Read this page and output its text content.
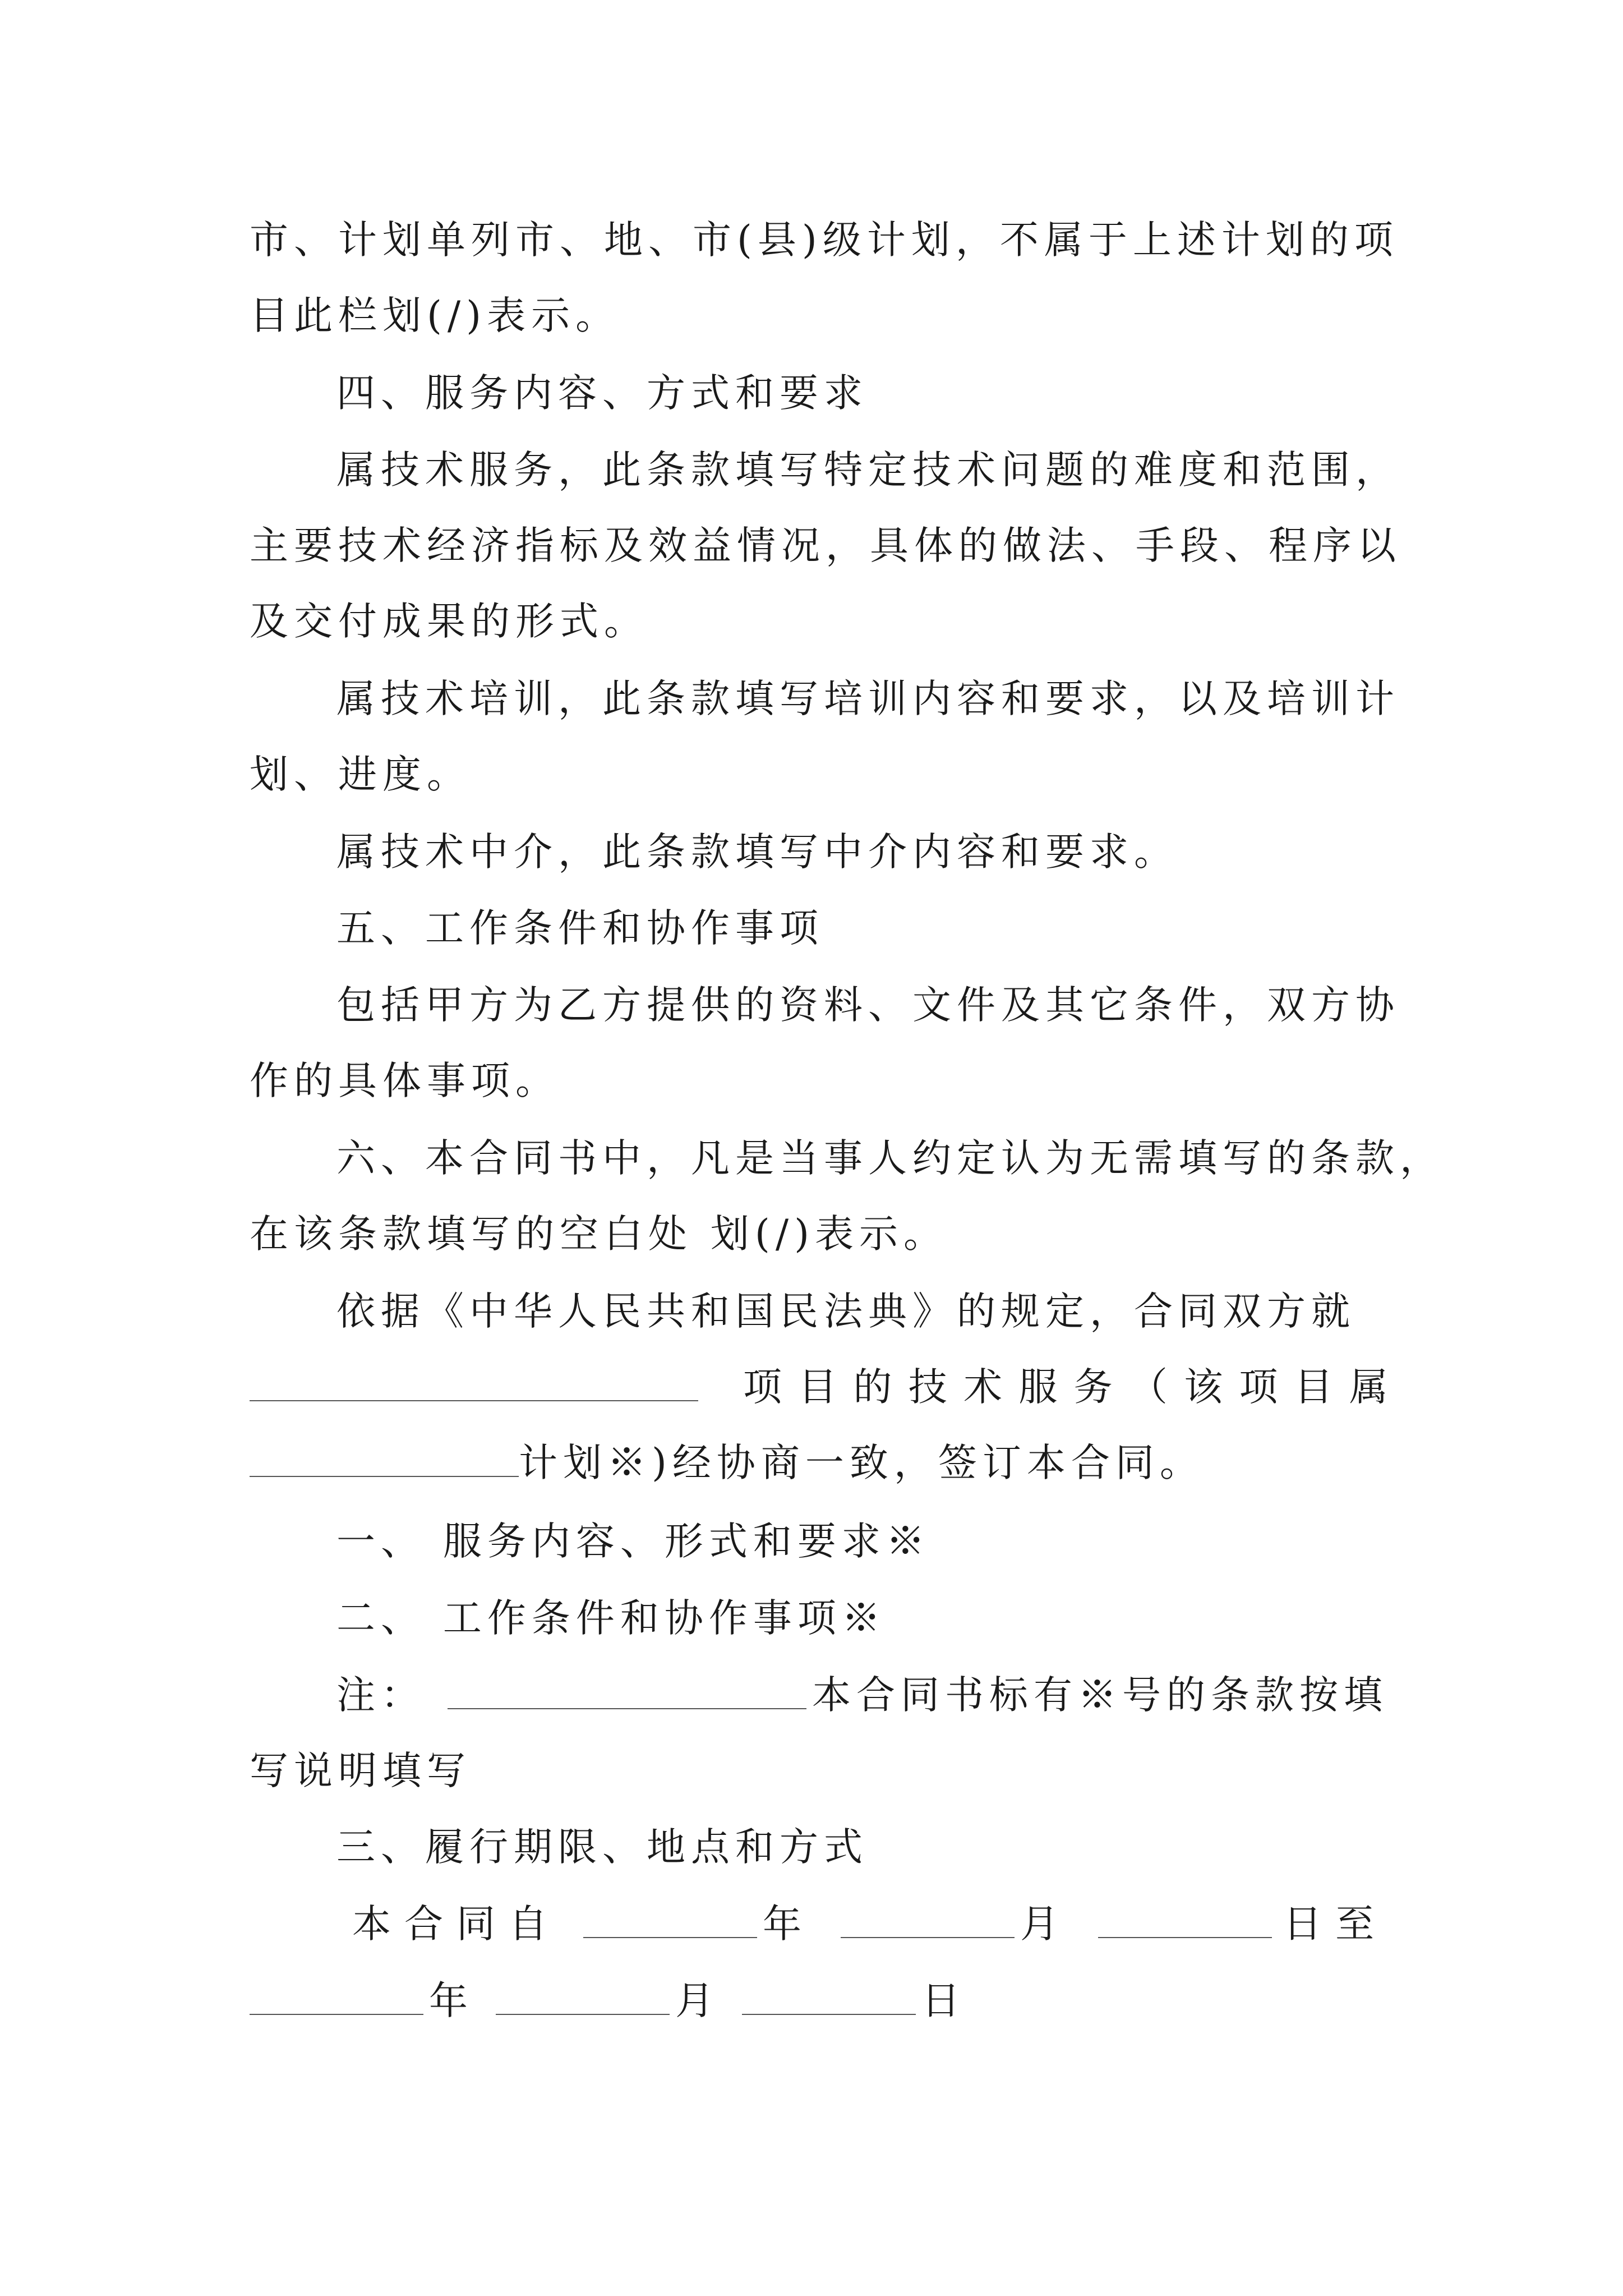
市、计划单列市、地、市(县)级计划，不属于上述计划的项
目此栏划(/)表示。
四、服务内容、方式和要求
属技术服务，此条款填写特定技术问题的难度和范围，
主要技术经济指标及效益情况，具体的做法、手段、程序以
及交付成果的形式。
属技术培训，此条款填写培训内容和要求，以及培训计
划、进度。
属技术中介，此条款填写中介内容和要求。
五、工作条件和协作事项
包括甲方为乙方提供的资料、文件及其它条件，双方协
作的具体事项。
六、本合同书中，凡是当事人约定认为无需填写的条款，
在该条款填写的空白处 划(/)表示。
依据《中华人民共和国民法典》的规定，合同双方就
项 目 的 技 术 服 务 （ 该 项 目 属
计划※)经协商一致，签订本合同。
一、 服务内容、形式和要求※
二、 工作条件和协作事项※
注：	本合同书标有※号的条款按填
写说明填写
三、履行期限、地点和方式
本合同自	年	月	日至
年	月	日
